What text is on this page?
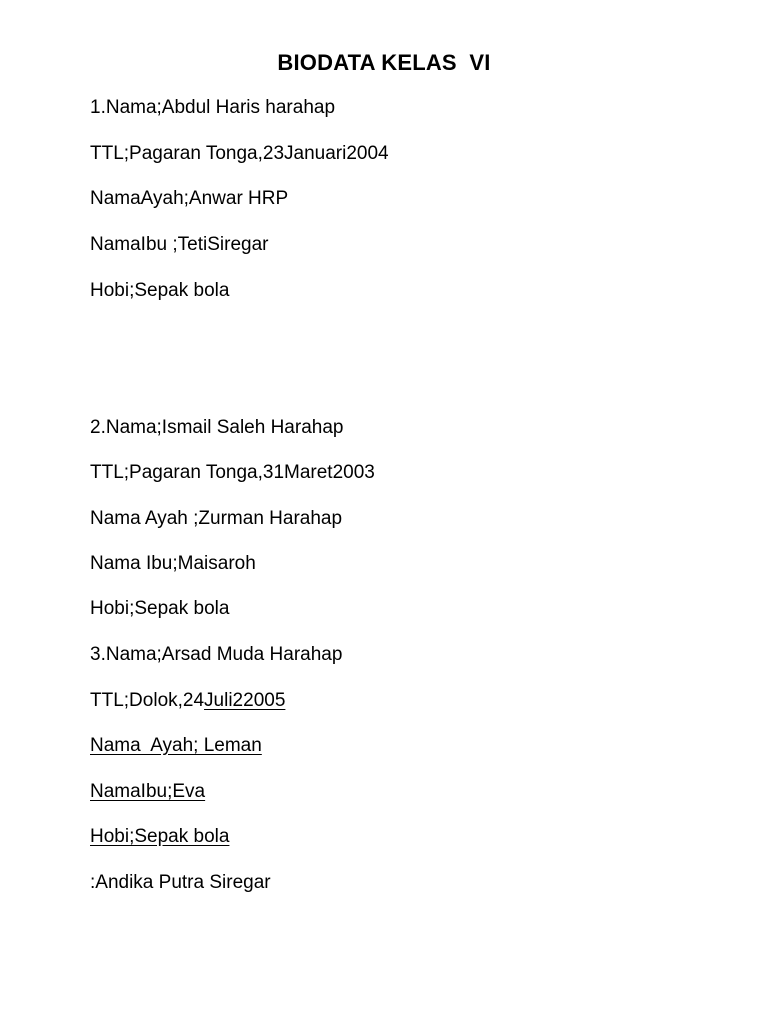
BIODATA KELAS  VI
1.Nama;Abdul Haris harahap
TTL;Pagaran Tonga,23Januari2004
NamaAyah;Anwar HRP
NamaIbu ;TetiSiregar
Hobi;Sepak bola
2.Nama;Ismail Saleh Harahap
TTL;Pagaran Tonga,31Maret2003
Nama Ayah ;Zurman Harahap
Nama Ibu;Maisaroh
Hobi;Sepak bola
3.Nama;Arsad Muda Harahap
TTL;Dolok,24Juli22005
Nama  Ayah; Leman
NamaIbu;Eva
Hobi;Sepak bola
:Andika Putra Siregar
